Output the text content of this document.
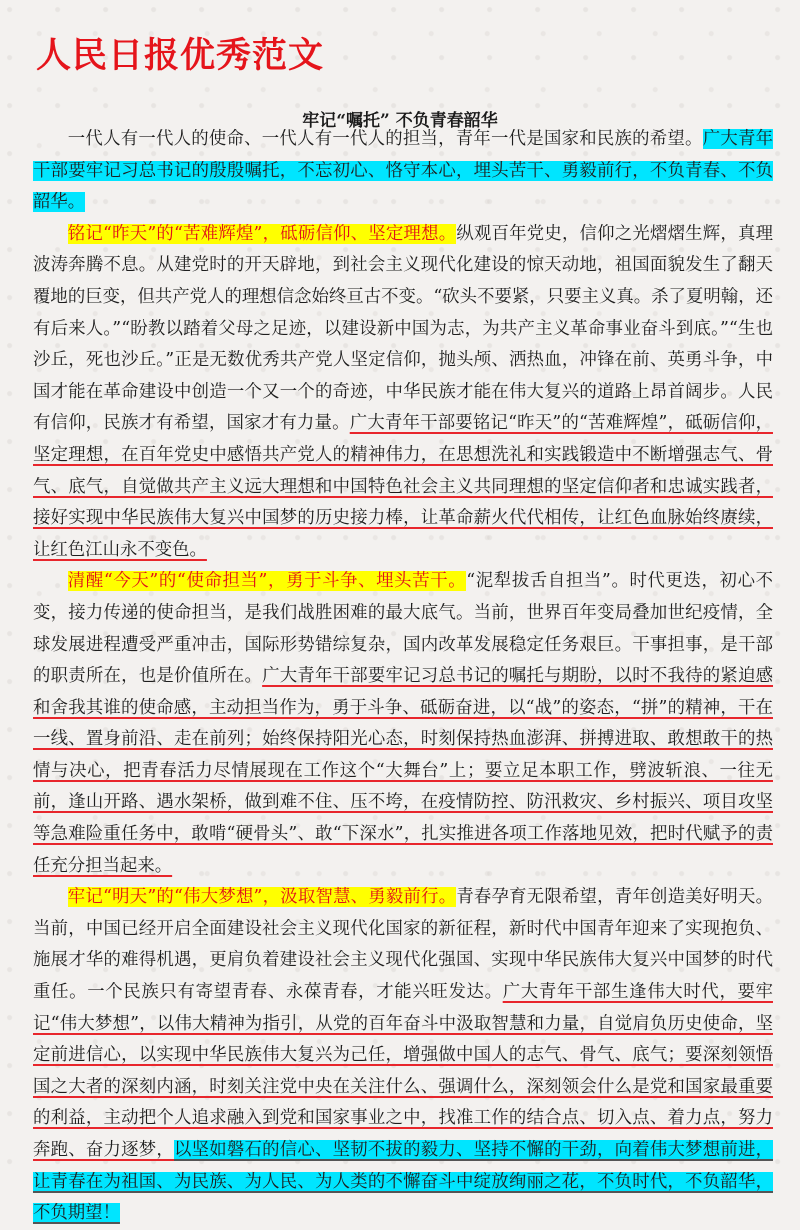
人民日报优秀范文
牢记“嘱托” 不负青春韶华

一代人有一代人的使命、一代人有一代人的担当，青年一代是国家和民族的希望。广大青年干部要牢记习总书记的殷殷嘱托，不忘初心、恪守本心，埋头苦干、勇毅前行，不负青春、不负韶华。

铭记“昨天”的“苦难辉煌”，砥砺信仰、坚定理想。纵观百年党史，信仰之光熠熠生辉，真理波涛奔腾不息。从建党时的开天辟地，到社会主义现代化建设的惊天动地，祖国面貌发生了翻天覆地的巨变，但共产党人的理想信念始终亘古不变。“砍头不要紧，只要主义真。杀了夏明翰，还有后来人。”“盼教以踏着父母之足迹，以建设新中国为志，为共产主义革命事业奋斗到底。”“生也沙丘，死也沙丘。”正是无数优秀共产党人坚定信仰，抛头颅、洒热血，冲锋在前、英勇斗争，中国才能在革命建设中创造一个又一个的奇迹，中华民族才能在伟大复兴的道路上昂首阔步。人民有信仰，民族才有希望，国家才有力量。广大青年干部要铭记“昨天”的“苦难辉煌”，砥砺信仰，坚定理想，在百年党史中感悟共产党人的精神伟力，在思想洗礼和实践锻造中不断增强志气、骨气、底气，自觉做共产主义远大理想和中国特色社会主义共同理想的坚定信仰者和忠诚实践者，接好实现中华民族伟大复兴中国梦的历史接力棒，让革命薪火代代相传，让红色血脉始终赓续，让红色江山永不变色。

清醒“今天”的“使命担当”，勇于斗争、埋头苦干。“泥犁拔舌自担当”。时代更迭，初心不变，接力传递的使命担当，是我们战胜困难的最大底气。当前，世界百年变局叠加世纪疫情，全球发展进程遭受严重冲击，国际形势错综复杂，国内改革发展稳定任务艰巨。干事担事，是干部的职责所在，也是价值所在。广大青年干部要牢记习总书记的嘱托与期盼，以时不我待的紧迫感和舍我其谁的使命感，主动担当作为，勇于斗争、砥砺奋进，以“战”的姿态，“拼”的精神，干在一线、置身前沿、走在前列；始终保持阳光心态，时刻保持热血澎湃、拼搏进取、敢想敢干的热情与决心，把青春活力尽情展现在工作这个“大舞台”上；要立足本职工作，劈波斩浪、一往无前，逢山开路、遇水架桥，做到难不住、压不垮，在疫情防控、防汛救灾、乡村振兴、项目攻坚等急难险重任务中，敢啃“硬骨头”、敢“下深水”，扎实推进各项工作落地见效，把时代赋予的责任充分担当起来。

牢记“明天”的“伟大梦想”，汲取智慧、勇毅前行。青春孕育无限希望，青年创造美好明天。当前，中国已经开启全面建设社会主义现代化国家的新征程，新时代中国青年迎来了实现抱负、施展才华的难得机遇，更肩负着建设社会主义现代化强国、实现中华民族伟大复兴中国梦的时代重任。一个民族只有寄望青春、永葆青春，才能兴旺发达。广大青年干部生逢伟大时代，要牢记“伟大梦想”，以伟大精神为指引，从党的百年奋斗中汲取智慧和力量，自觉肩负历史使命，坚定前进信心，以实现中华民族伟大复兴为己任，增强做中国人的志气、骨气、底气；要深刻领悟国之大者的深刻内涵，时刻关注党中央在关注什么、强调什么，深刻领会什么是党和国家最重要的利益，主动把个人追求融入到党和国家事业之中，找准工作的结合点、切入点、着力点，努力奔跑、奋力逐梦，以坚如磐石的信心、坚韧不拔的毅力、坚持不懈的干劲，向着伟大梦想前进，让青春在为祖国、为民族、为人民、为人类的不懈奋斗中绽放绚丽之花，不负时代，不负韶华，不负期望！
